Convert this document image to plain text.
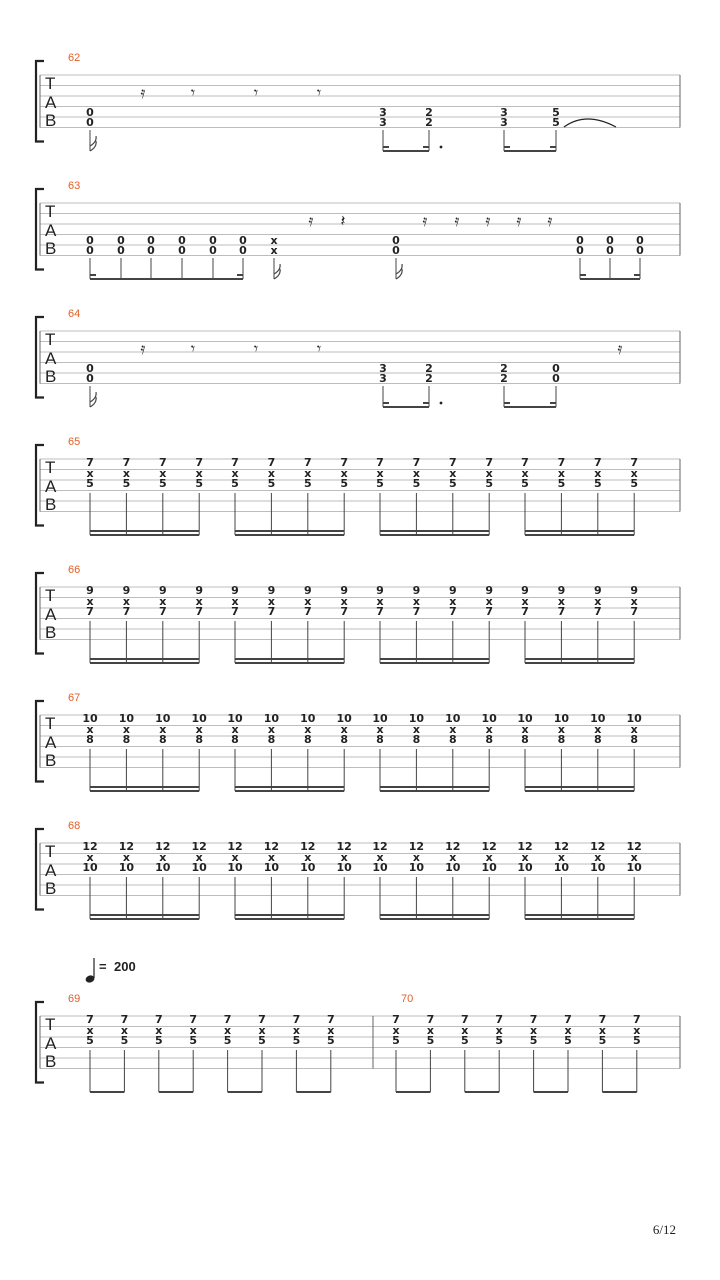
T
A
B
62
0
0
𝄿	𝄾	𝄾	𝄾
3
3
2
2
3
3
5
5
T
A
B
63
0
0
0
0
0
0
0
0
0
0
0
0
x
x
𝄿 𝄽
0
0
𝄿 𝄿 𝄿 𝄿 𝄿
0
0
0
0
0
0
T
A
B
64
0
0
𝄿	𝄾	𝄾	𝄾
3
3
2
2
2
2
0
0
𝄿
T
A
B
65
7
x
5
7
x
5
7
x
5
7
x
5
7
x
5
7
x
5
7
x
5
7
x
5
7
x
5
7
x
5
7
x
5
7
x
5
7
x
5
7
x
5
7
x
5
7
x
5
T
A
B
66
9
x
7
9
x
7
9
x
7
9
x
7
9
x
7
9
x
7
9
x
7
9
x
7
9
x
7
9
x
7
9
x
7
9
x
7
9
x
7
9
x
7
9
x
7
9
x
7
T
A
B
67
10
x
8
10
x
8
10
x
8
10
x
8
10
x
8
10
x
8
10
x
8
10
x
8
10
x
8
10
x
8
10
x
8
10
x
8
10
x
8
10
x
8
10
x
8
10
x
8
T
A
B
68
12
x
10
12
x
10
12
x
10
12
x
10
12
x
10
12
x
10
12
x
10
12
x
10
12
x
10
12
x
10
12
x
10
12
x
10
12
x
10
12
x
10
12
x
10
12
x
10
T
A
B
69
7
x
5
7
x
5
7
x
5
7
x
5
7
x
5
7
x
5
7
x
5
7
x
5
70
7
x
5
7
x
5
7
x
5
7
x
5
7
x
5
7
x
5
7
x
5
7
x
5
= 200
6/12
